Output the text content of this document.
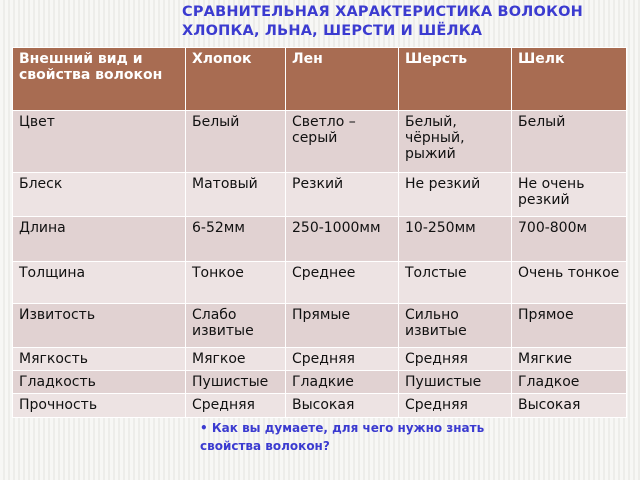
СРАВНИТЕЛЬНАЯ ХАРАКТЕРИСТИКА ВОЛОКОН ХЛОПКА, ЛЬНА, ШЕРСТИ И ШЁЛКА
• Как вы думаете, для чего нужно знать
свойства волокон?
Внешний вид и свойства волокон	Хлопок	Лен	Шерсть	Шелк
Цвет	Белый	Светло – серый	Белый, чёрный, рыжий	Белый
Блеск	Матовый	Резкий	Не резкий	Не очень резкий
Длина	6-52мм	250-1000мм	10-250мм	700-800м
Толщина	Тонкое	Среднее	Толстые	Очень тонкое
Извитость	Слабо извитые	Прямые	Сильно извитые	Прямое
Мягкость	Мягкое	Средняя	Средняя	Мягкие
Гладкость	Пушистые	Гладкие	Пушистые	Гладкое
Прочность	Средняя	Высокая	Средняя	Высокая
